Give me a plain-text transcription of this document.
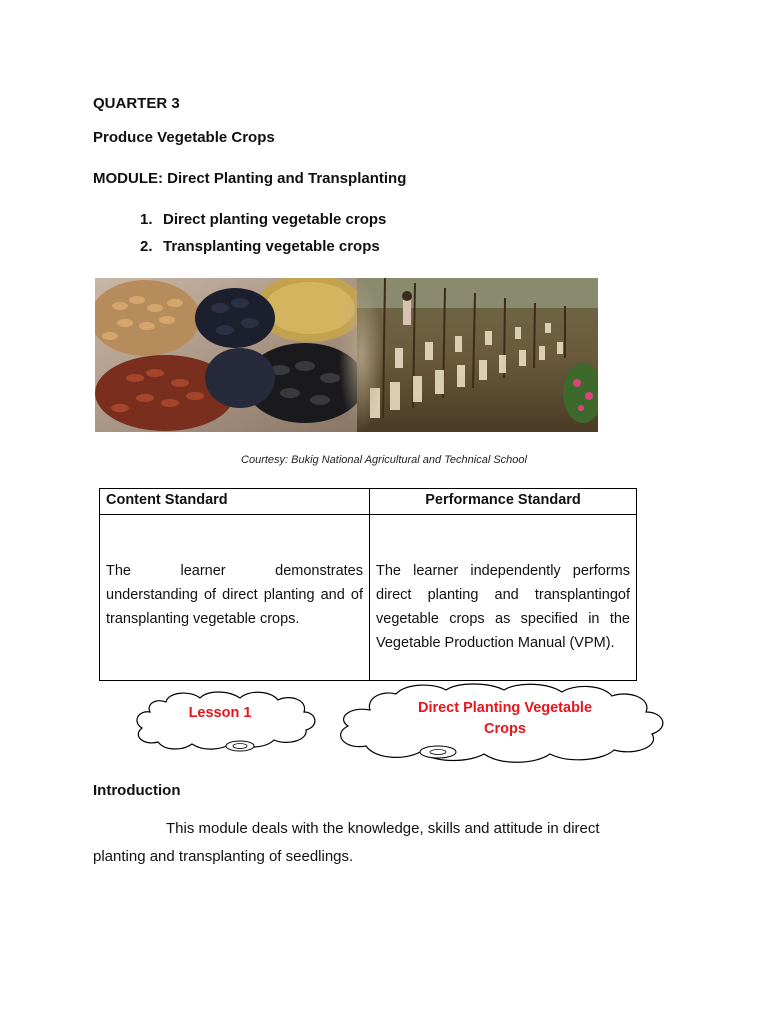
QUARTER 3
Produce Vegetable Crops
MODULE: Direct Planting and Transplanting
1. Direct planting vegetable crops
2. Transplanting vegetable crops
Courtesy: Bukig National Agricultural and Technical School
Content Standard	Performance Standard

The learner demonstrates understanding of direct planting and of transplanting vegetable crops.	The learner independently performs direct planting and transplantingof vegetable crops as specified in the Vegetable Production Manual (VPM).
Lesson 1	Direct Planting Vegetable
Crops
Introduction
This module deals with the knowledge, skills and attitude in direct planting and transplanting of seedlings.
